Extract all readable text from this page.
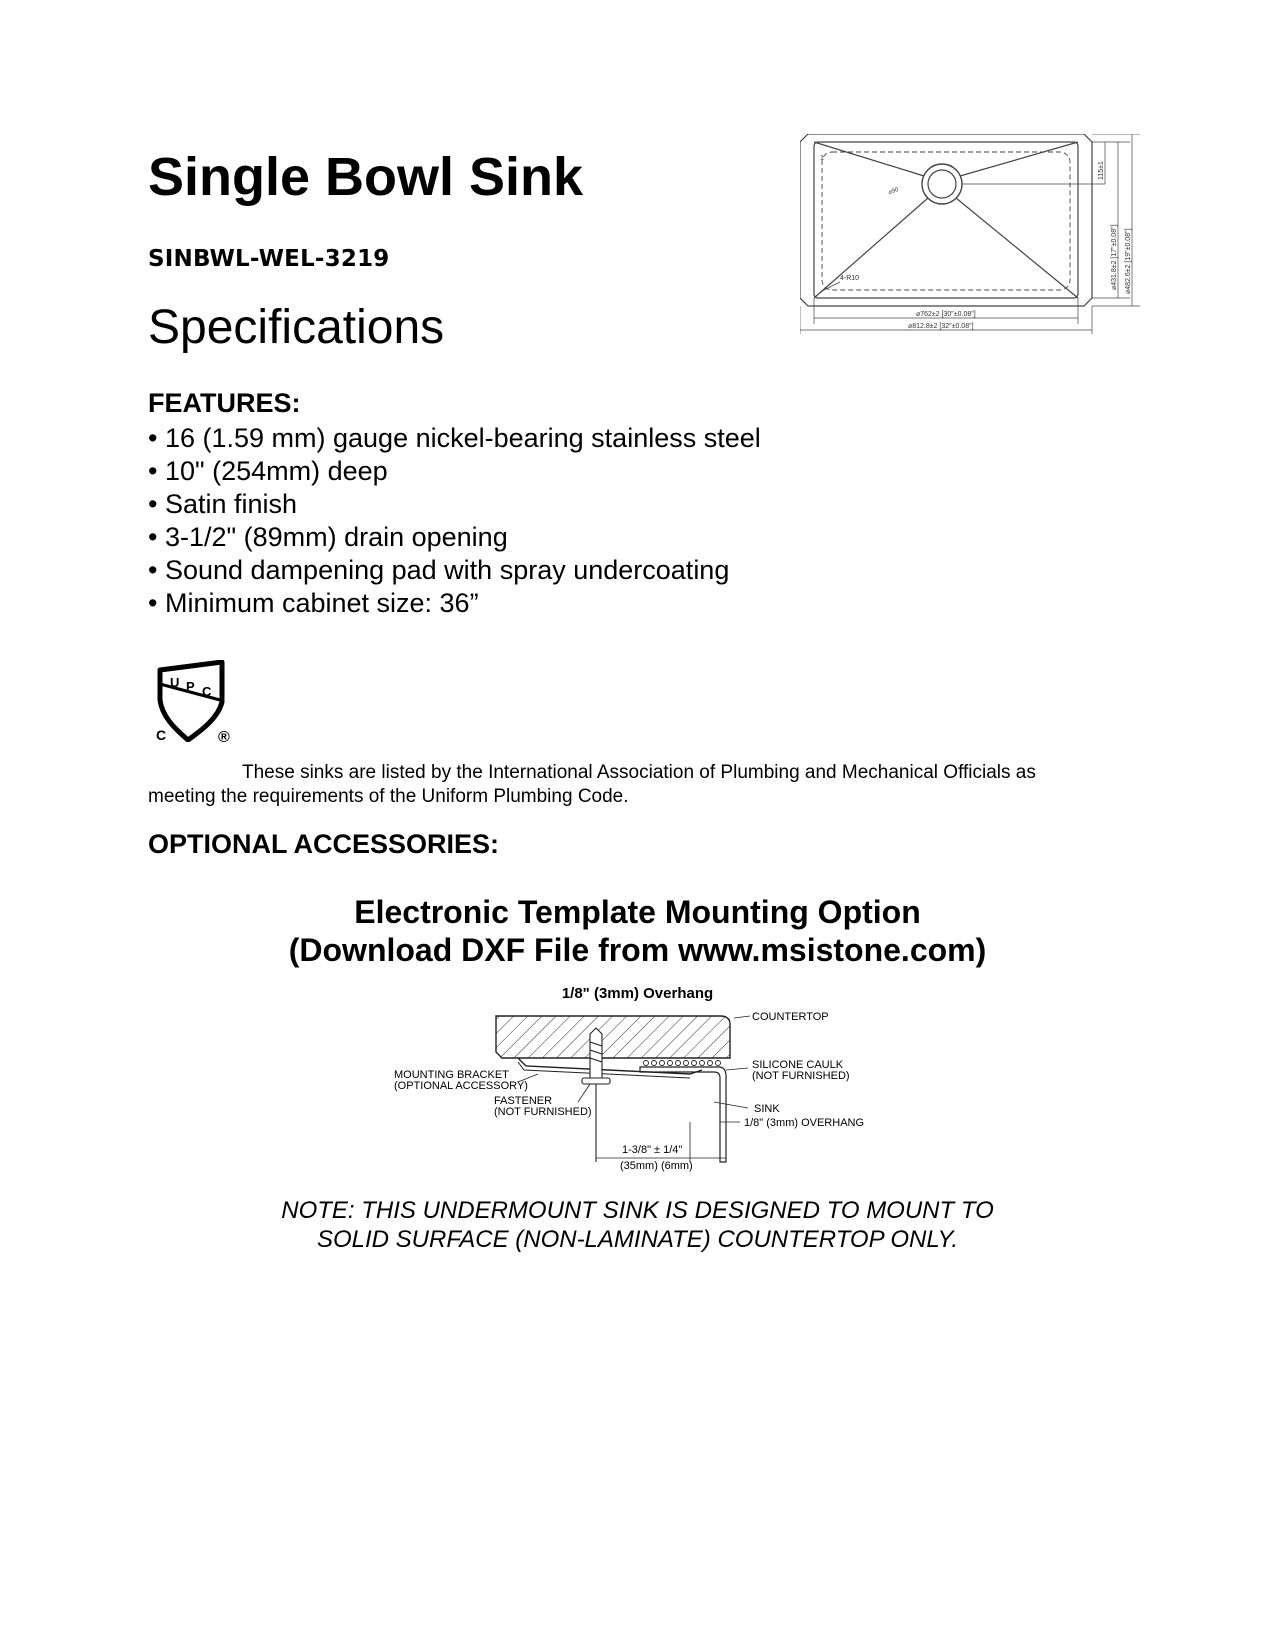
Single Bowl Sink
SINBWL-WEL-3219
Specifications	⌀762±2 [30"±0.08"]
⌀812.8±2 [32"±0.08"]
4-R10
⌀90
1
115±1
⌀431.8±2 [17"±0.08"] ⌀482.6±2 [19"±0.08"]
FEATURES:
• 16 (1.59 mm) gauge nickel-bearing stainless steel
• 10" (254mm) deep
• Satin finish
• 3-1/2" (89mm) drain opening
• Sound dampening pad with spray undercoating
• Minimum cabinet size: 36”
U P C
C	®
These sinks are listed by the International Association of Plumbing and Mechanical Officials as meeting the requirements of the Uniform Plumbing Code.
OPTIONAL ACCESSORIES:
Electronic Template Mounting Option
(Download DXF File from www.msistone.com)
1/8" (3mm) Overhang
COUNTERTOP
SILICONE CAULK
(NOT FURNISHED)
SINK
1/8" (3mm) OVERHANG
MOUNTING BRACKET
(OPTIONAL ACCESSORY)
FASTENER
(NOT FURNISHED)
1-3/8" ± 1/4"
(35mm) (6mm)
NOTE: THIS UNDERMOUNT SINK IS DESIGNED TO MOUNT TO
SOLID SURFACE (NON-LAMINATE) COUNTERTOP ONLY.
